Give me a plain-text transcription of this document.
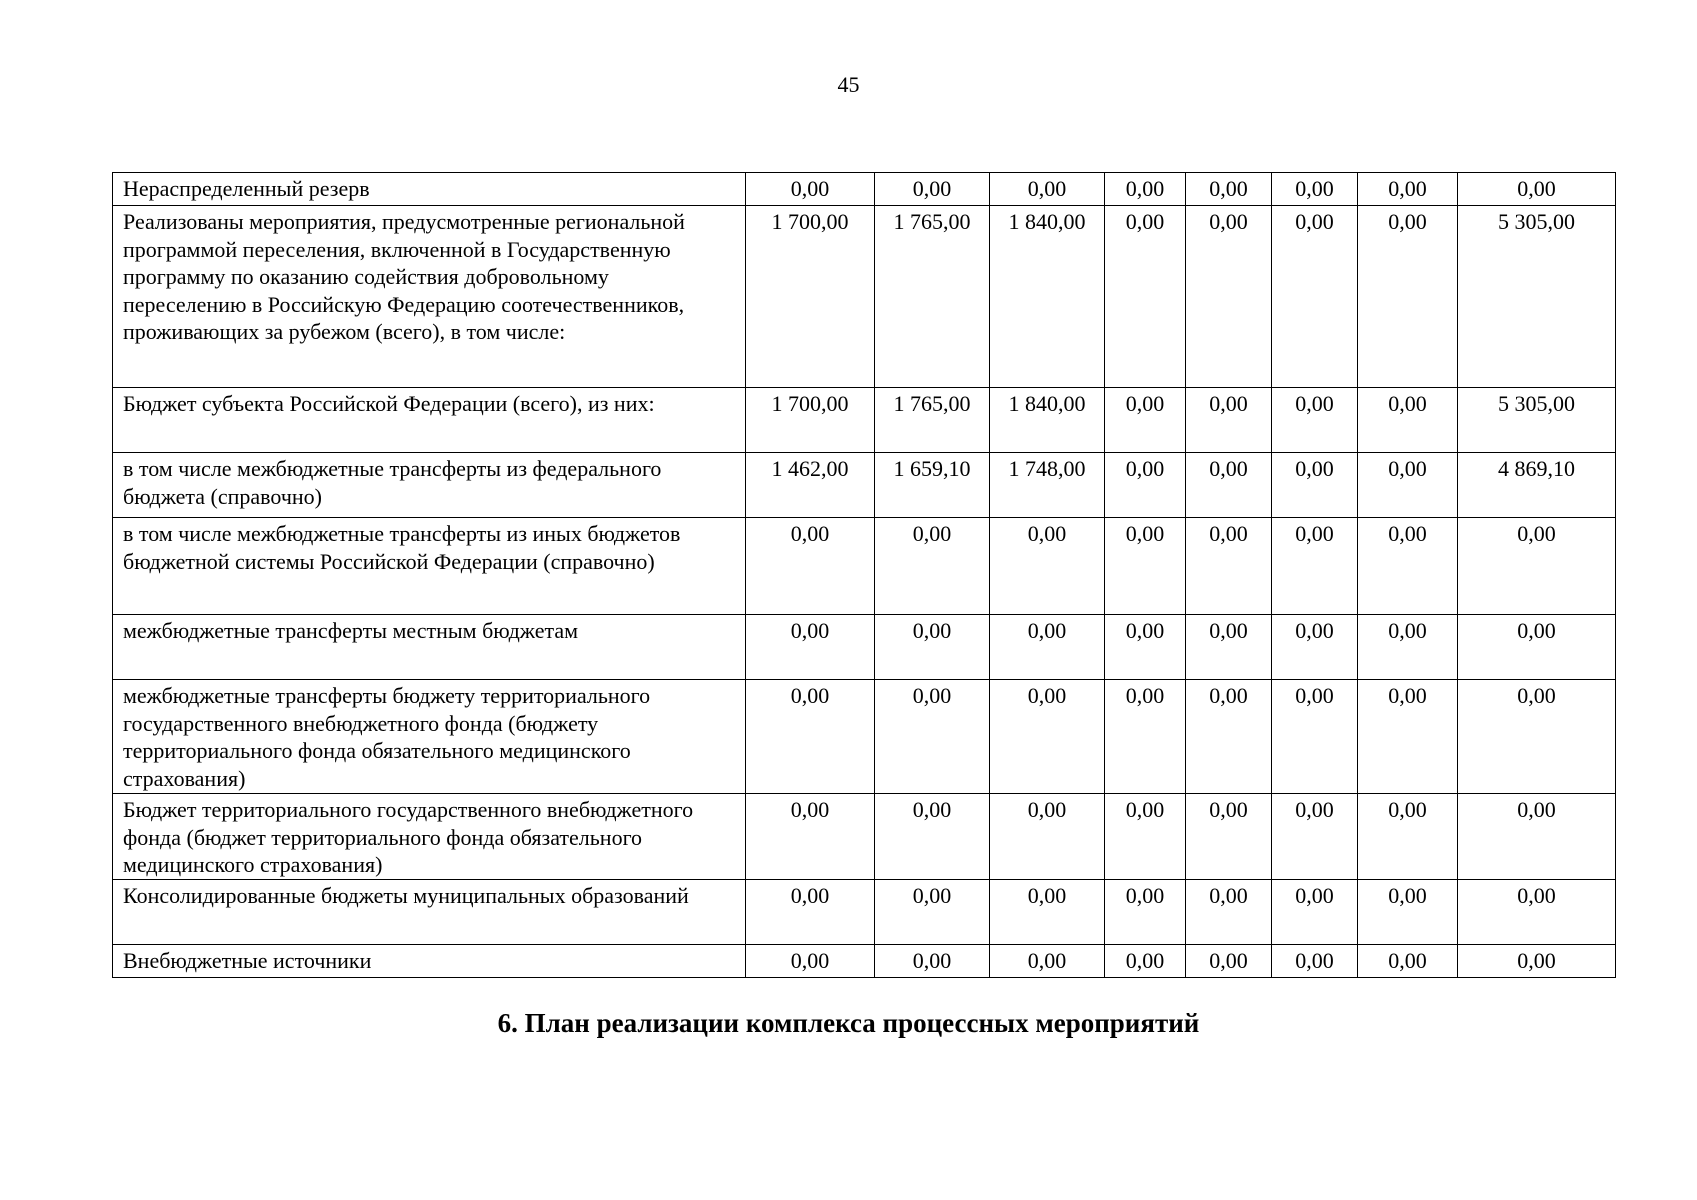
45
Нераспределенный резерв	0,00	0,00	0,00	0,00	0,00	0,00	0,00	0,00
Реализованы мероприятия, предусмотренные региональной программой переселения, включенной в Государственную программу по оказанию содействия добровольному переселению в Российскую Федерацию соотечественников, проживающих за рубежом (всего), в том числе:	1 700,00	1 765,00	1 840,00	0,00	0,00	0,00	0,00	5 305,00
Бюджет субъекта Российской Федерации (всего), из них:	1 700,00	1 765,00	1 840,00	0,00	0,00	0,00	0,00	5 305,00
в том числе межбюджетные трансферты из федерального бюджета (справочно)	1 462,00	1 659,10	1 748,00	0,00	0,00	0,00	0,00	4 869,10
в том числе межбюджетные трансферты из иных бюджетов бюджетной системы Российской Федерации (справочно)	0,00	0,00	0,00	0,00	0,00	0,00	0,00	0,00
межбюджетные трансферты местным бюджетам	0,00	0,00	0,00	0,00	0,00	0,00	0,00	0,00
межбюджетные трансферты бюджету территориального государственного внебюджетного фонда (бюджету территориального фонда обязательного медицинского страхования)	0,00	0,00	0,00	0,00	0,00	0,00	0,00	0,00
Бюджет территориального государственного внебюджетного фонда (бюджет территориального фонда обязательного медицинского страхования)	0,00	0,00	0,00	0,00	0,00	0,00	0,00	0,00
Консолидированные бюджеты муниципальных образований	0,00	0,00	0,00	0,00	0,00	0,00	0,00	0,00
Внебюджетные источники	0,00	0,00	0,00	0,00	0,00	0,00	0,00	0,00
6. План реализации комплекса процессных мероприятий
